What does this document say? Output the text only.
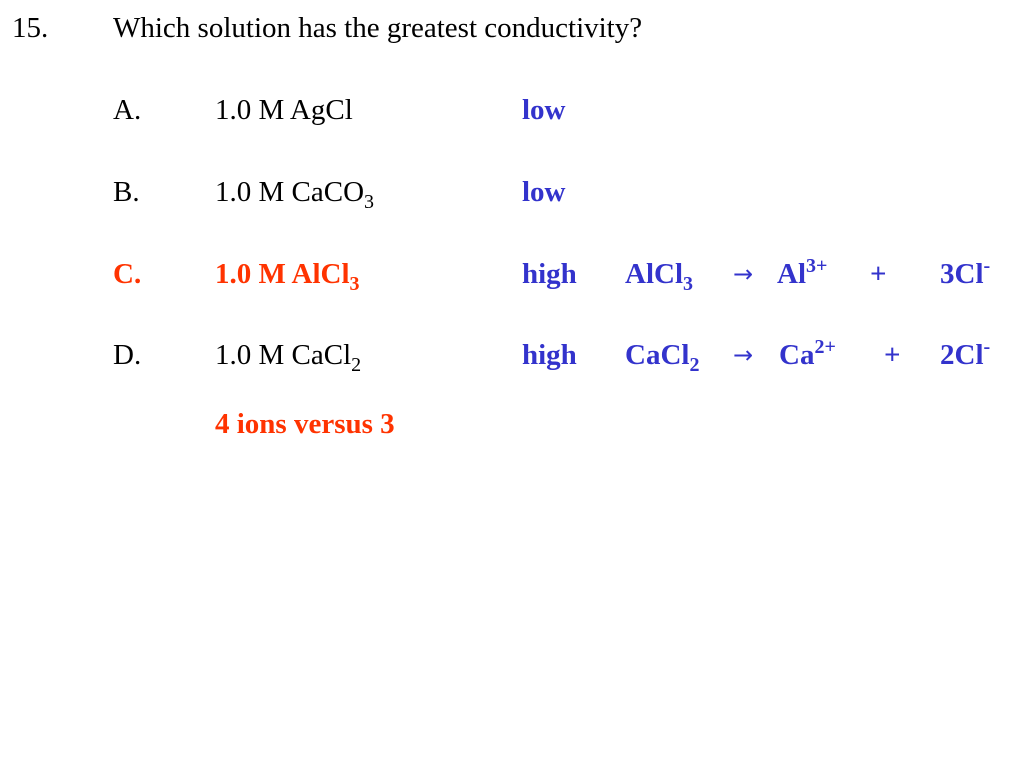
15. Which solution has the greatest conductivity?
A.	1.0 M AgCl	low
B.	1.0 M CaCO$_3$	low
C.	1.0 M AlCl$_3$	high AlCl$_3$ → $Al^{3+} + 3Cl^-$
D.	1.0 M CaCl$_2$	high CaCl$_2$ → $Ca^{2+} + 2Cl^-$
4 ions versus 3
